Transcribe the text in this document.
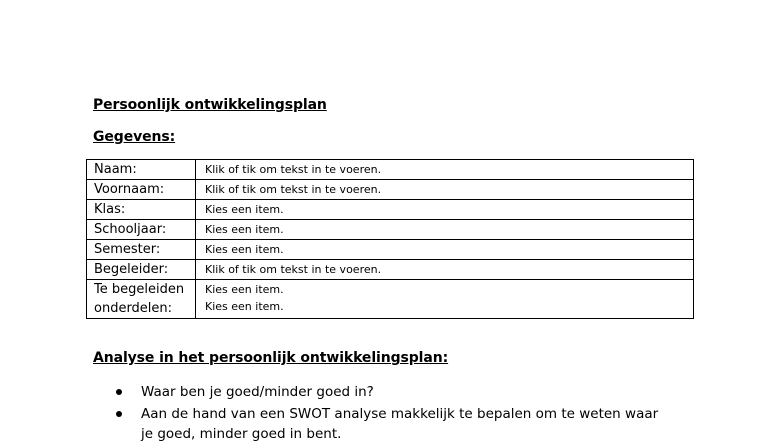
Persoonlijk ontwikkelingsplan
Gegevens:
Naam:	Klik of tik om tekst in te voeren.
Voornaam:	Klik of tik om tekst in te voeren.
Klas:	Kies een item.
Schooljaar:	Kies een item.
Semester:	Kies een item.
Begeleider:	Klik of tik om tekst in te voeren.
Te begeleiden onderdelen:	Kies een item.
Kies een item.
Analyse in het persoonlijk ontwikkelingsplan:
Waar ben je goed/minder goed in?
Aan de hand van een SWOT analyse makkelijk te bepalen om te weten waar je goed, minder goed in bent.
